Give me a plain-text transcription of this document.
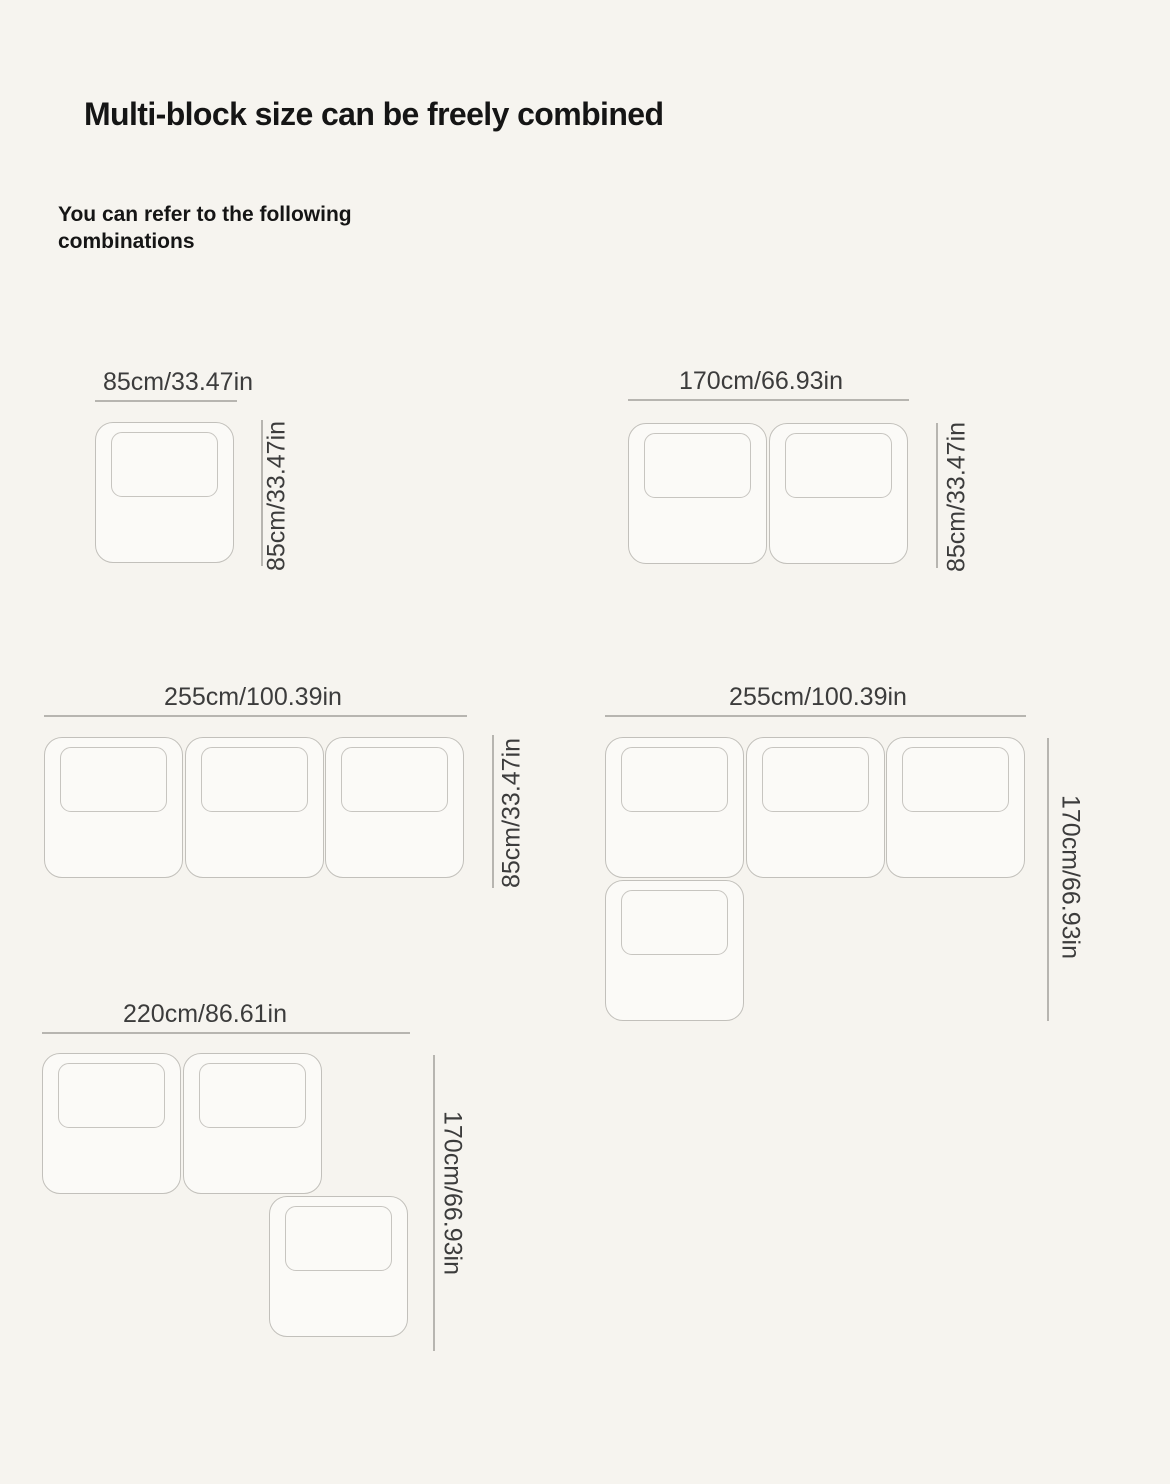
Multi-block size can be freely combined
You can refer to the following
combinations
85cm/33.47in
85cm/33.47in
170cm/66.93in
85cm/33.47in
255cm/100.39in
85cm/33.47in
255cm/100.39in
170cm/66.93in
220cm/86.61in
170cm/66.93in
